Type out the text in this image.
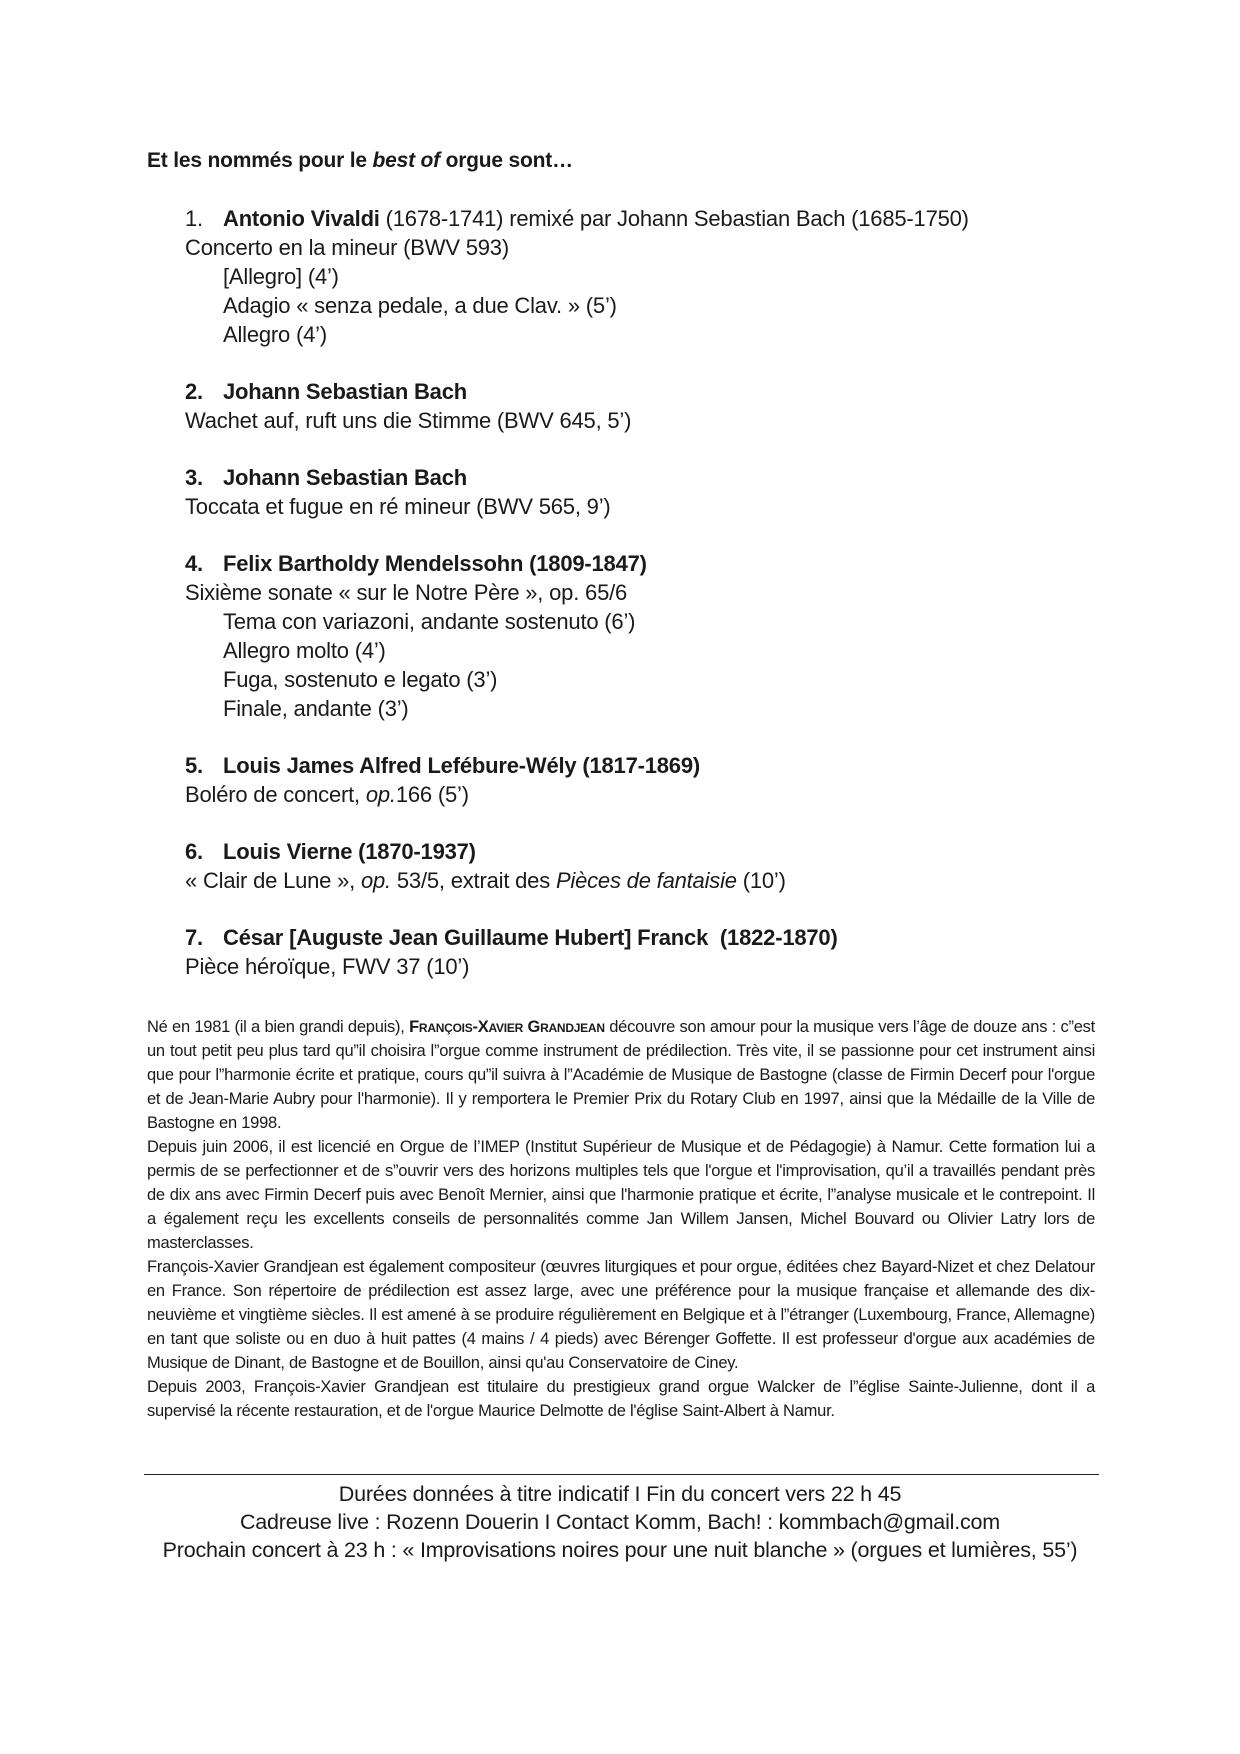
Et les nommés pour le best of orgue sont…
1. Antonio Vivaldi (1678-1741) remixé par Johann Sebastian Bach (1685-1750)
Concerto en la mineur (BWV 593)
[Allegro] (4’)
Adagio « senza pedale, a due Clav. » (5’)
Allegro (4’)
2. Johann Sebastian Bach
Wachet auf, ruft uns die Stimme (BWV 645, 5’)
3. Johann Sebastian Bach
Toccata et fugue en ré mineur (BWV 565, 9’)
4. Felix Bartholdy Mendelssohn (1809-1847)
Sixième sonate « sur le Notre Père », op. 65/6
Tema con variazoni, andante sostenuto (6’)
Allegro molto (4’)
Fuga, sostenuto e legato (3’)
Finale, andante (3’)
5. Louis James Alfred Lefébure-Wély (1817-1869)
Boléro de concert, op.166 (5’)
6. Louis Vierne (1870-1937)
« Clair de Lune », op. 53/5, extrait des Pièces de fantaisie (10’)
7. César [Auguste Jean Guillaume Hubert] Franck  (1822-1870)
Pièce héroïque, FWV 37 (10’)

Né en 1981 (il a bien grandi depuis), François-Xavier Grandjean découvre son amour pour la musique vers l’âge de douze ans : c”est un tout petit peu plus tard qu”il choisira l”orgue comme instrument de prédilection. Très vite, il se passionne pour cet instrument ainsi que pour l”harmonie écrite et pratique, cours qu”il suivra à l”Académie de Musique de Bastogne (classe de Firmin Decerf pour l'orgue et de Jean-Marie Aubry pour l'harmonie). Il y remportera le Premier Prix du Rotary Club en 1997, ainsi que la Médaille de la Ville de Bastogne en 1998.

Depuis juin 2006, il est licencié en Orgue de l’IMEP (Institut Supérieur de Musique et de Pédagogie) à Namur. Cette formation lui a permis de se perfectionner et de s”ouvrir vers des horizons multiples tels que l'orgue et l'improvisation, qu’il a travaillés pendant près de dix ans avec Firmin Decerf puis avec Benoît Mernier, ainsi que l'harmonie pratique et écrite, l”analyse musicale et le contrepoint. Il a également reçu les excellents conseils de personnalités comme Jan Willem Jansen, Michel Bouvard ou Olivier Latry lors de masterclasses.

François-Xavier Grandjean est également compositeur (œuvres liturgiques et pour orgue, éditées chez Bayard-Nizet et chez Delatour en France. Son répertoire de prédilection est assez large, avec une préférence pour la musique française et allemande des dix-neuvième et vingtième siècles. Il est amené à se produire régulièrement en Belgique et à l”étranger (Luxembourg, France, Allemagne) en tant que soliste ou en duo à huit pattes (4 mains / 4 pieds) avec Bérenger Goffette. Il est professeur d'orgue aux académies de Musique de Dinant, de Bastogne et de Bouillon, ainsi qu'au Conservatoire de Ciney.

Depuis 2003, François-Xavier Grandjean est titulaire du prestigieux grand orgue Walcker de l”église Sainte-Julienne, dont il a supervisé la récente restauration, et de l'orgue Maurice Delmotte de l'église Saint-Albert à Namur.

Durées données à titre indicatif I Fin du concert vers 22 h 45
Cadreuse live : Rozenn Douerin I Contact Komm, Bach! : kommbach@gmail.com
Prochain concert à 23 h : « Improvisations noires pour une nuit blanche » (orgues et lumières, 55’)
